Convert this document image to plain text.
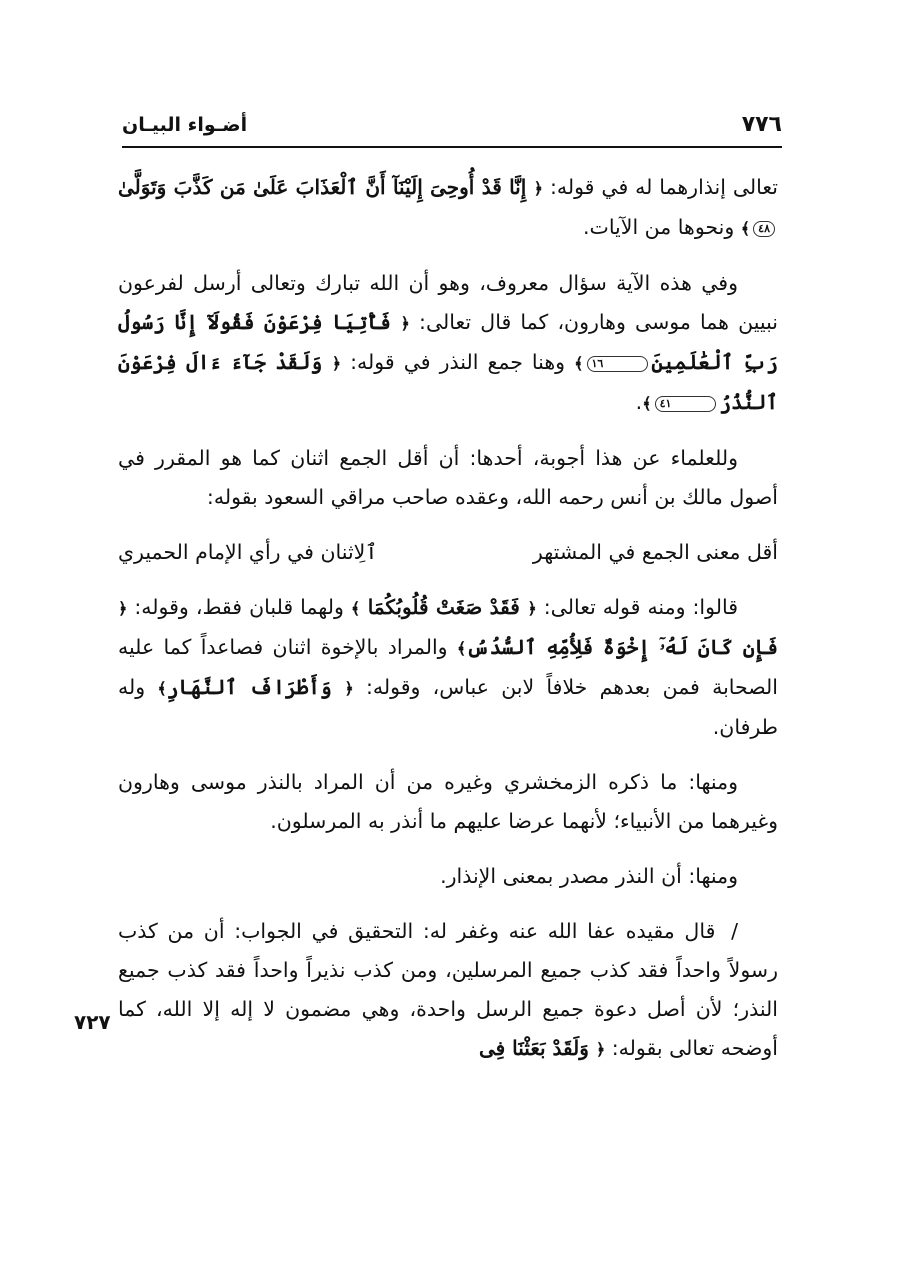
٧٧٦
أضـواء البيـان
٧٢٧

تعالى إنذارهما له في قوله: ﴿ إِنَّا قَدْ أُوحِىَ إِلَيْنَآ أَنَّ ٱلْعَذَابَ عَلَىٰ مَن كَذَّبَ وَتَوَلَّىٰ٤٨﴾ ونحوها من الآيات.

وفي هذه الآية سؤال معروف، وهو أن الله تبارك وتعالى أرسل لفرعون نبيين هما موسى وهارون، كما قال تعالى: ﴿ فَأْتِيَا فِرْعَوْنَ فَقُولَآ إِنَّا رَسُولُ رَبِّ ٱلْعَٰلَمِينَ١٦﴾ وهنا جمع النذر في قوله: ﴿ وَلَقَدْ جَآءَ ءَالَ فِرْعَوْنَ ٱلنُّذُرُ٤١﴾.

وللعلماء عن هذا أجوبة، أحدها: أن أقل الجمع اثنان كما هو المقرر في أصول مالك بن أنس رحمه الله، وعقده صاحب مراقي السعود بقوله:

أقل معنى الجمع في المشتهر
ٱلِاثنان في رأي الإمام الحميري

قالوا: ومنه قوله تعالى: ﴿ فَقَدْ صَغَتْ قُلُوبُكُمَا ﴾ ولهما قلبان فقط، وقوله: ﴿ فَإِن كَانَ لَهُۥٓ إِخْوَةٌ فَلِأُمِّهِ ٱلسُّدُسُ﴾ والمراد بالإخوة اثنان فصاعداً كما عليه الصحابة فمن بعدهم خلافاً لابن عباس، وقوله: ﴿ وَأَطْرَافَ ٱلنَّهَارِ﴾ وله طرفان.

ومنها: ما ذكره الزمخشري وغيره من أن المراد بالنذر موسى وهارون وغيرهما من الأنبياء؛ لأنهما عرضا عليهم ما أنذر به المرسلون.

ومنها: أن النذر مصدر بمعنى الإنذار.

/ قال مقيده عفا الله عنه وغفر له: التحقيق في الجواب: أن من كذب رسولاً واحداً فقد كذب جميع المرسلين، ومن كذب نذيراً واحداً فقد كذب جميع النذر؛ لأن أصل دعوة جميع الرسل واحدة، وهي مضمون لا إله إلا الله، كما أوضحه تعالى بقوله: ﴿ وَلَقَدْ بَعَثْنَا فِى
